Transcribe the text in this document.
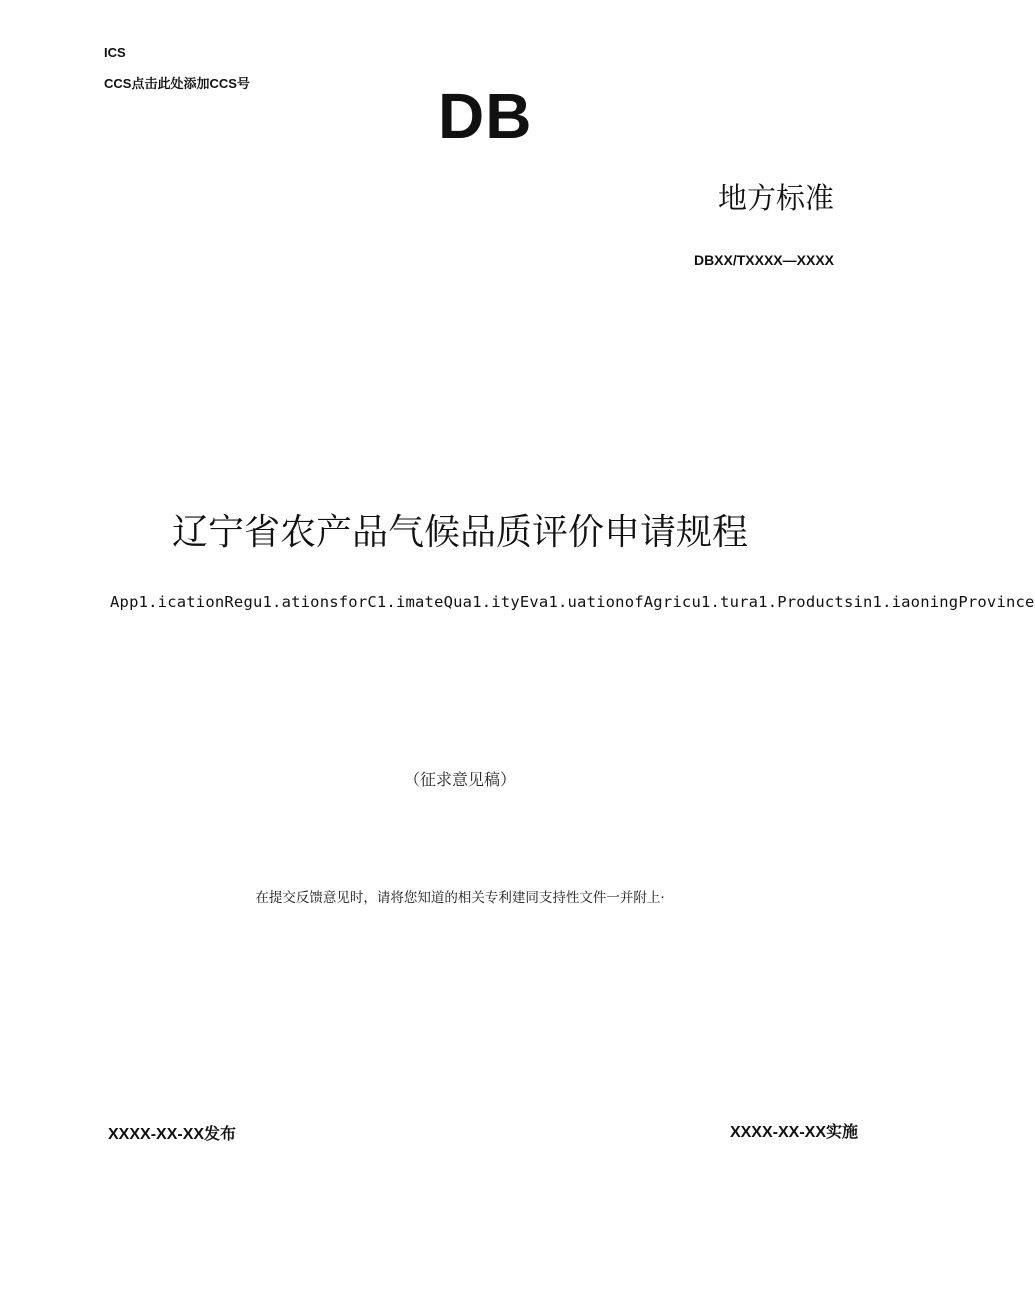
ICS
CCS点击此处添加CCS号	DB
地方标准
DBXX/TXXXX—XXXX
辽宁省农产品气候品质评价申请规程
App1.icationRegu1.ationsforC1.imateQua1.ityEva1.uationofAgricu1.tura1.Productsin1.iaoningProvince
（征求意见稿）
在提交反馈意见时，请将您知道的相关专利建同支持性文件一并附上·
XXXX-XX-XX发布	XXXX-XX-XX实施
